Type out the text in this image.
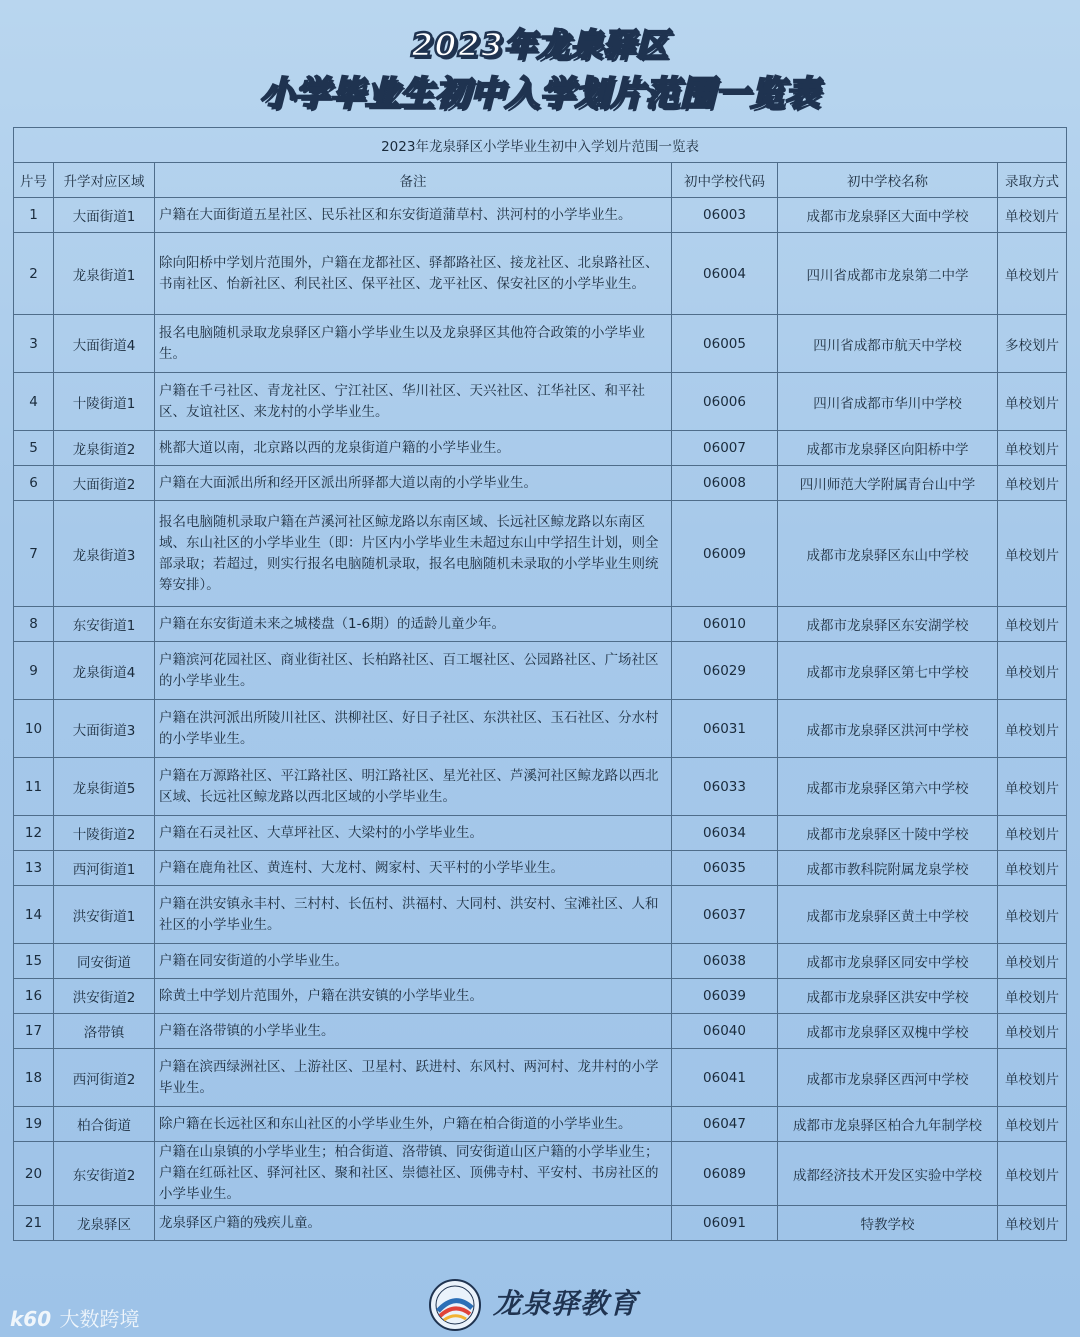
2023年龙泉驿区
小学毕业生初中入学划片范围一览表
2023年龙泉驿区小学毕业生初中入学划片范围一览表					
片号	升学对应区域	备注	初中学校代码	初中学校名称	录取方式
1	大面街道1	户籍在大面街道五星社区、民乐社区和东安街道蒲草村、洪河村的小学毕业生。	06003	成都市龙泉驿区大面中学校	单校划片
2	龙泉街道1	除向阳桥中学划片范围外，户籍在龙都社区、驿都路社区、接龙社区、北泉路社区、书南社区、怡新社区、利民社区、保平社区、龙平社区、保安社区的小学毕业生。	06004	四川省成都市龙泉第二中学	单校划片
3	大面街道4	报名电脑随机录取龙泉驿区户籍小学毕业生以及龙泉驿区其他符合政策的小学毕业生。	06005	四川省成都市航天中学校	多校划片
4	十陵街道1	户籍在千弓社区、青龙社区、宁江社区、华川社区、天兴社区、江华社区、和平社区、友谊社区、来龙村的小学毕业生。	06006	四川省成都市华川中学校	单校划片
5	龙泉街道2	桃都大道以南，北京路以西的龙泉街道户籍的小学毕业生。	06007	成都市龙泉驿区向阳桥中学	单校划片
6	大面街道2	户籍在大面派出所和经开区派出所驿都大道以南的小学毕业生。	06008	四川师范大学附属青台山中学	单校划片
7	龙泉街道3	报名电脑随机录取户籍在芦溪河社区鲸龙路以东南区域、长远社区鲸龙路以东南区域、东山社区的小学毕业生（即：片区内小学毕业生未超过东山中学招生计划，则全部录取；若超过，则实行报名电脑随机录取，报名电脑随机未录取的小学毕业生则统筹安排）。	06009	成都市龙泉驿区东山中学校	单校划片
8	东安街道1	户籍在东安街道未来之城楼盘（1-6期）的适龄儿童少年。	06010	成都市龙泉驿区东安湖学校	单校划片
9	龙泉街道4	户籍滨河花园社区、商业街社区、长柏路社区、百工堰社区、公园路社区、广场社区的小学毕业生。	06029	成都市龙泉驿区第七中学校	单校划片
10	大面街道3	户籍在洪河派出所陵川社区、洪柳社区、好日子社区、东洪社区、玉石社区、分水村的小学毕业生。	06031	成都市龙泉驿区洪河中学校	单校划片
11	龙泉街道5	户籍在万源路社区、平江路社区、明江路社区、星光社区、芦溪河社区鲸龙路以西北区域、长远社区鲸龙路以西北区域的小学毕业生。	06033	成都市龙泉驿区第六中学校	单校划片
12	十陵街道2	户籍在石灵社区、大草坪社区、大梁村的小学毕业生。	06034	成都市龙泉驿区十陵中学校	单校划片
13	西河街道1	户籍在鹿角社区、黄连村、大龙村、阙家村、天平村的小学毕业生。	06035	成都市教科院附属龙泉学校	单校划片
14	洪安街道1	户籍在洪安镇永丰村、三村村、长伍村、洪福村、大同村、洪安村、宝滩社区、人和社区的小学毕业生。	06037	成都市龙泉驿区黄土中学校	单校划片
15	同安街道	户籍在同安街道的小学毕业生。	06038	成都市龙泉驿区同安中学校	单校划片
16	洪安街道2	除黄土中学划片范围外，户籍在洪安镇的小学毕业生。	06039	成都市龙泉驿区洪安中学校	单校划片
17	洛带镇	户籍在洛带镇的小学毕业生。	06040	成都市龙泉驿区双槐中学校	单校划片
18	西河街道2	户籍在滨西绿洲社区、上游社区、卫星村、跃进村、东风村、两河村、龙井村的小学毕业生。	06041	成都市龙泉驿区西河中学校	单校划片
19	柏合街道	除户籍在长远社区和东山社区的小学毕业生外，户籍在柏合街道的小学毕业生。	06047	成都市龙泉驿区柏合九年制学校	单校划片
20	东安街道2	户籍在山泉镇的小学毕业生；柏合街道、洛带镇、同安街道山区户籍的小学毕业生；户籍在红砾社区、驿河社区、聚和社区、崇德社区、顶佛寺村、平安村、书房社区的小学毕业生。	06089	成都经济技术开发区实验中学校	单校划片
21	龙泉驿区	龙泉驿区户籍的残疾儿童。	06091	特教学校	单校划片
龙泉驿教育
k60 大数跨境
